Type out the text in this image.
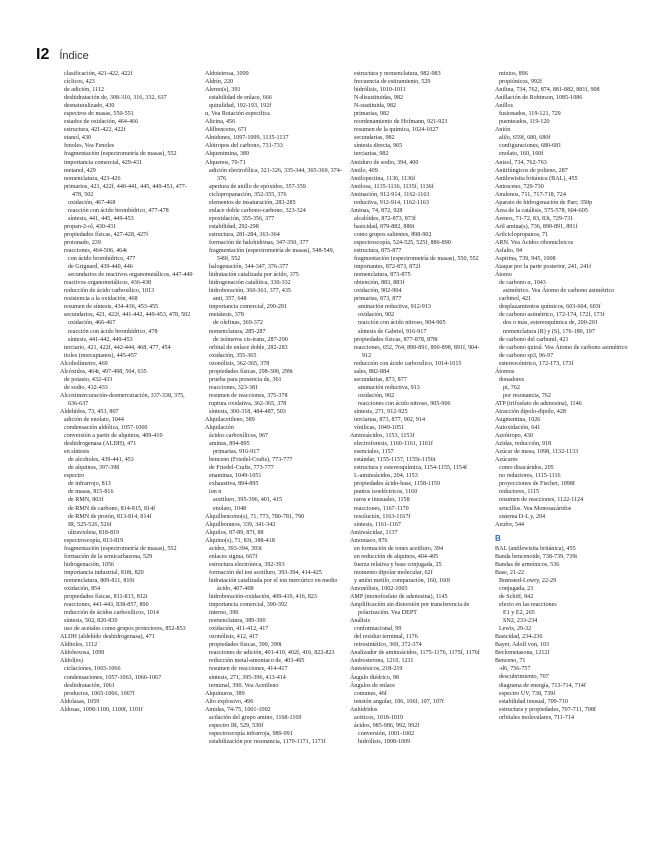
I2 Índice
clasificación, 421-422, 422f
cíclicos, 423
de adición, 1112
deshidratación de, 308-310, 316, 332, 637
desnaturalizado, 430
espectros de masas, 550-551
estados de oxidación, 464-466
estructura, 421-422, 422f
etanol, 430
fenoles, Vea Fenoles
fragmentación (espectrometría de masas), 552
importancia comercial, 429-431
metanol, 429
nomenclatura, 423-426
primarios, 421, 422f, 440-441, 445, 449-451, 477-478, 502
oxidación, 467-468
reacción con ácido bromhídrico, 477-478
síntesis, 441, 445, 449-453
propan-2-ol, 430-431
propiedades físicas, 427-428, 427f
protonado, 239
reacciones, 464-506, 464t
con ácido bromhídrico, 477
de Grignard, 439-440, 446
secundarios de reactivos organometálicos, 447-449
reactivos organometálicos, 436-438
reducción de ácido carboxílico, 1013
resistencia a la oxidación, 468
resumen de síntesis, 434-436, 453-455
secundarios, 421, 422f, 441-442, 449-453, 478, 502
oxidación, 466-467
reacción con ácido bromhídrico, 478
síntesis, 441-442, 449-453
terciario, 421, 422f, 442-444, 468, 477, 454
tioles (mercaptanos), 445-457
Alcoholímetro, 469
Alcóxidos, 464t, 497-498, 504, 635
de potasio, 432-433
de sodio, 432-433
Alcoximercuración-desmercuración, 337-338, 375, 636-637
Aldehídos, 73, 453, 807
adición de enolato, 1044
condensación aldólica, 1057-1060
conversión a partir de alquinos, 409-410
deshidrogenasa (ALDH), 471
en síntesis
de alcoholes, 439-441, 453
de alquinos, 397-398
espectro
de infrarrojo, 813
de masas, 815-816
de RMN, 803f
de RMN de carbono, 814-815, 814f
de RMN de protón, 813-814, 814f
IR, 525-526, 526f
ultravioleta, 818-819
espectroscopía, 813-819
fragmentación (espectrometría de masas), 552
formación de la semicarbazona, 529
hidrogenación, 1056
importancia industrial, 818t, 820
nomenclatura, 809-811, 810t
oxidación, 854
propiedades físicas, 811-813, 812t
reacciones, 441-443, 838-857, 890
reducción de ácidos carboxílicos, 1014
síntesis, 502, 820-830
uso de acetales como grupos protectores, 852-853
ALDH (aldehído deshidrogenasa), 471
Alditoles, 1112
Aldohexosa, 1099
Aldol(es)
ciclaciones, 1065-1066
condensaciones, 1057-1063, 1066-1067
deshidratación, 1061
productos, 1065-1066, 1067f
Aldolasas, 1059
Aldosas, 1098-1100, 1100f, 1101f
Aldotetrosa, 1099
Aldrín, 220
Alerno(s), 391
estabilidad de enlace, 666
quiralidad, 192-193, 192f
α, Vea Rotación específica
Alicina, 456
Alilbenceno, 671
Alnidones, 1097-1099, 1135-1137
Alótropos del carbono, 731-733
Alquenimina, 389
Alquenos, 70-71
adición electrofílica, 321-326, 335-344, 365-369, 374-376
apertura de anillo de epóxidos, 357-359
ciclopropanación, 352-355, 376
elementos de insaturación, 283-285
enlace doble carbono-carbono, 323-324
epoxidación, 355-356, 377
estabilidad, 292-298
estructura, 281-284, 363-364
formación de halohidrinas, 347-350, 377
fragmentación (espectrometría de masas), 548-549, 549f, 552
halogenación, 344-347, 376-377
hidratación catalizada por ácido, 375
hidrogenación catalítica, 330-332
hidroboración, 360-361, 377, 435
anti, 357, 648
importancia comercial, 290-291
metátesis, 378
de olefinas, 369-372
nomenclatura, 285-287
de isómeros cis-trans, 287-290
orbital de enlace doble, 282-283
oxidación, 355-365
ozonólisis, 362-365, 378
propiedades físicas, 298-300, 299t
prueba para presencia de, 361
reacciones, 323-381
resumen de reacciones, 375-378
ruptura oxidativa, 362-365, 378
síntesis, 300-318, 484-487, 503
Alquilacetileno, 389
Alquilación
ácidos carboxílicos, 967
aminas, 894-895
primarias, 916-917
benceno (Friedel-Crafts), 773-777
de Friedel-Crafts, 773-777
enaminas, 1049-1051
exhaustiva, 894-895
ion α
acetiluro, 395-396, 401, 415
enolato, 1048
Alquilbenceno(s), 71, 773, 780-781, 790
Alquilboranos, 339, 341-342
Alquilos, 87-89, 87f, 88
Alquino(s), 71, 83t, 388-418
acidez, 393-394, 393t
enlaces sigma, 667f
estructura electrónica, 392-393
formación del ion acetiluro, 393-394, 414-425
hidratación catalizada por el ion mercúrico en medio ácido, 407-408
hidroboración-oxidación, 409-410, 416, 823
importancia comercial, 390-392
interno, 390
nomenclatura, 389-390
oxidación, 411-412, 417
ozonólisis, 412, 417
propiedades físicas, 390, 390t
reacciones de adición, 401-410, 402f, 416, 822-823
reducción metal-amoniaco de, 403-405
resumen de reacciones, 414-417
síntesis, 271, 395-396, 413-414
terminal, 390. Vea Acetileno
Alquinuros, 389
Alto explosivo, 496
Amidas, 74-75, 1001-1002
acilación del grupo amino, 1168-1169
espectro IR, 529, 530f
espectroscopía infrarroja, 989-991
estabilización por resonancia, 1170-1171, 1171f
estructura y nomenclatura, 982-983
frecuencia de estiramiento, 529
hidrólisis, 1010-1011
N-disustituidas, 982
N-sustituida, 982
primarias, 982
reordenamiento de Hofmann, 921-923
resumen de la química, 1024-1027
secundarias, 982
síntesis directa, 965
terciarias, 982
Amiduro de sodio, 394, 400
Amilo, 409
Amilopectina, 1136, 1136f
Amilosa, 1135-1136, 1135f, 1136f
Aminación, 912-914, 1162-1163
reductiva, 912-914, 1162-1163
Aminas, 74, 872, 928
alcalóides, 872-873, 873f
basicidad, 879-882, 880t
como grupos salientes, 898-902
espectroscopía, 524-525, 525f, 886-890
estructura, 875-877
fragmentación (espectrometría de masas), 550, 552
importantes, 872-873, 872f
nomenclatura, 873-875
obtención, 883, 883f
oxidación, 902-904
primarias, 873, 877
aminación reductiva, 912-913
oxidación, 902
reacción con ácido nitroso, 904-905
síntesis de Gabriel, 916-917
propiedades físicas, 877-878, 878t
reacciones, 652, 764, 890-891, 890-898, 891f, 904-912
reducción con ácido carboxílico, 1014-1015
sales, 882-884
secundarias, 873, 877
aminación reductiva, 913
oxidación, 902
reacciones con ácido nitroso, 905-906
síntesis, 271, 912-925
terciarias, 873, 877, 902, 914
vínilicas, 1049-1051
Aminoácidos, 1153, 1153f
electroforesis, 1160-1161, 1161f
esenciales, 1157
estándar, 1155-1157, 1155t-1156t
estructura y estereoquímica, 1154-1155, 1154f
L-aminoácidos, 204, 1153
propiedades ácido-base, 1158-1159
puntos isoeléctricos, 1160
raros e inusuales, 1158
reacciones, 1167-1170
resolución, 1163-1167f
síntesis, 1161-1167
Aminoácidaz, 1137
Amoniaco, 876
en formación de iones acetiluro, 394
en reducción de alquinos, 404-405
fuerza relativa y base conjugada, 25
momento dipolar molecular, 62f
y anión metilo, comparación, 160, 160f
Amonólisis, 1002-1003
AMP (monofosfato de adenosina), 1145
Amplificación sin distorsión por transferencia de polarización. Vea DEPT
Análisis
conformacional, 99
del residuo terminal, 1176
retrosintético, 369, 372-374
Analizador de aminoácidos, 1175-1176, 1175f, 1176f
Androsterona, 1210, 1211
Anestésicos, 218-219
Ángulo diédrico, 98
Ángulos de enlace
comunes, 46f
tensión angular, 106, 106f, 107, 107f
Anhídridos
acéticos, 1018-1019
ácidos, 985-986, 992, 992f
conversión, 1001-1002
hidrólisis, 1008-1009
mixtos, 896
propiónicos, 992f
Anilina, 734, 762, 874, 881-882, 881f, 908
Anillación de Robinson, 1085-1086
Anillos
fusionados, 119-121, 729
puenteados, 119-120
Anión
alilo, 659f, 680, 680f
configuraciones, 680-681
enolato, 160, 160f
Anisol, 734, 762-763
Anitifúngicos de polieno, 287
Antilewisita británica (BAL), 455
Antraceno, 729-730
Anulenos, 711, 717-718, 724
Aparato de hidrogenación de Parr, 350p
Área de la catálisis, 575-578, 604-605
Arenos, 71-72, 83, 83t, 729-731
Aril amina(s), 736, 890-891, 891f
Arilciclopropanos, 71
ARN. Vea Ácidos ribonucleicos
Asfalto, 94
Aspirina, 739, 945, 1008
Ataque por la parte posterior, 241, 241f
Átomo
de carbono α, 1043
asimétrico. Vea Átomo de carbono asimétrico
carbinol, 421
desplazamientos químicos, 603-604, 603f
de carbono asimétrico, 172-174, 172f, 173f
dos o más, estereoquímica de, 200-201
nomenclatura (R) y (S), 176-180, 197
de carbono del carbonil, 421
de carbono quiral. Vea Átomo de carbono asimétrico
de carbono sp3, 96-97
estereocéntrico, 172-173, 173f
Átomos
donadores
pi, 762
por resonancia, 762
ATP (trifosfato de adenosina), 1146
Atracción dipolo-dipolo, 428
Augmentina, 1026
Autoxidación, 641
Azeótropo, 430
Azidas, reducción, 918
Azúcar de mesa, 1098, 1132-1133
Azúcares
como disacáridos, 205
no reductores, 1115-1116
proyecciones de Fischer, 1098f
reductores, 1115
resumen de reacciones, 1122-1124
sencillos. Vea Monosacáridos
sistema D-L y, 204
Azufre, 544
B
BAL (antilewisita británica), 455
Banda bencenoide, 738-739, 739t
Bandas de armónicos, 536
Base, 21-22
Brønsted-Lowry, 22-29
conjugada, 23
de Schiff, 842
efecto en las reacciones
E1 y E2, 265
SN2, 233-234
Lewis, 29-32
Basicidad, 234-236
Bayer, Adolf von, 103
Beclometasona, 1212f
Benceno, 71
-d6, 756-757
descubrimiento, 707
diagrama de energía, 713-714, 714f
espectro UV, 738, 739f
estabilidad inusual, 709-710
estructura y propiedades, 707-711, 708f
orbitales moleculares, 711-714
